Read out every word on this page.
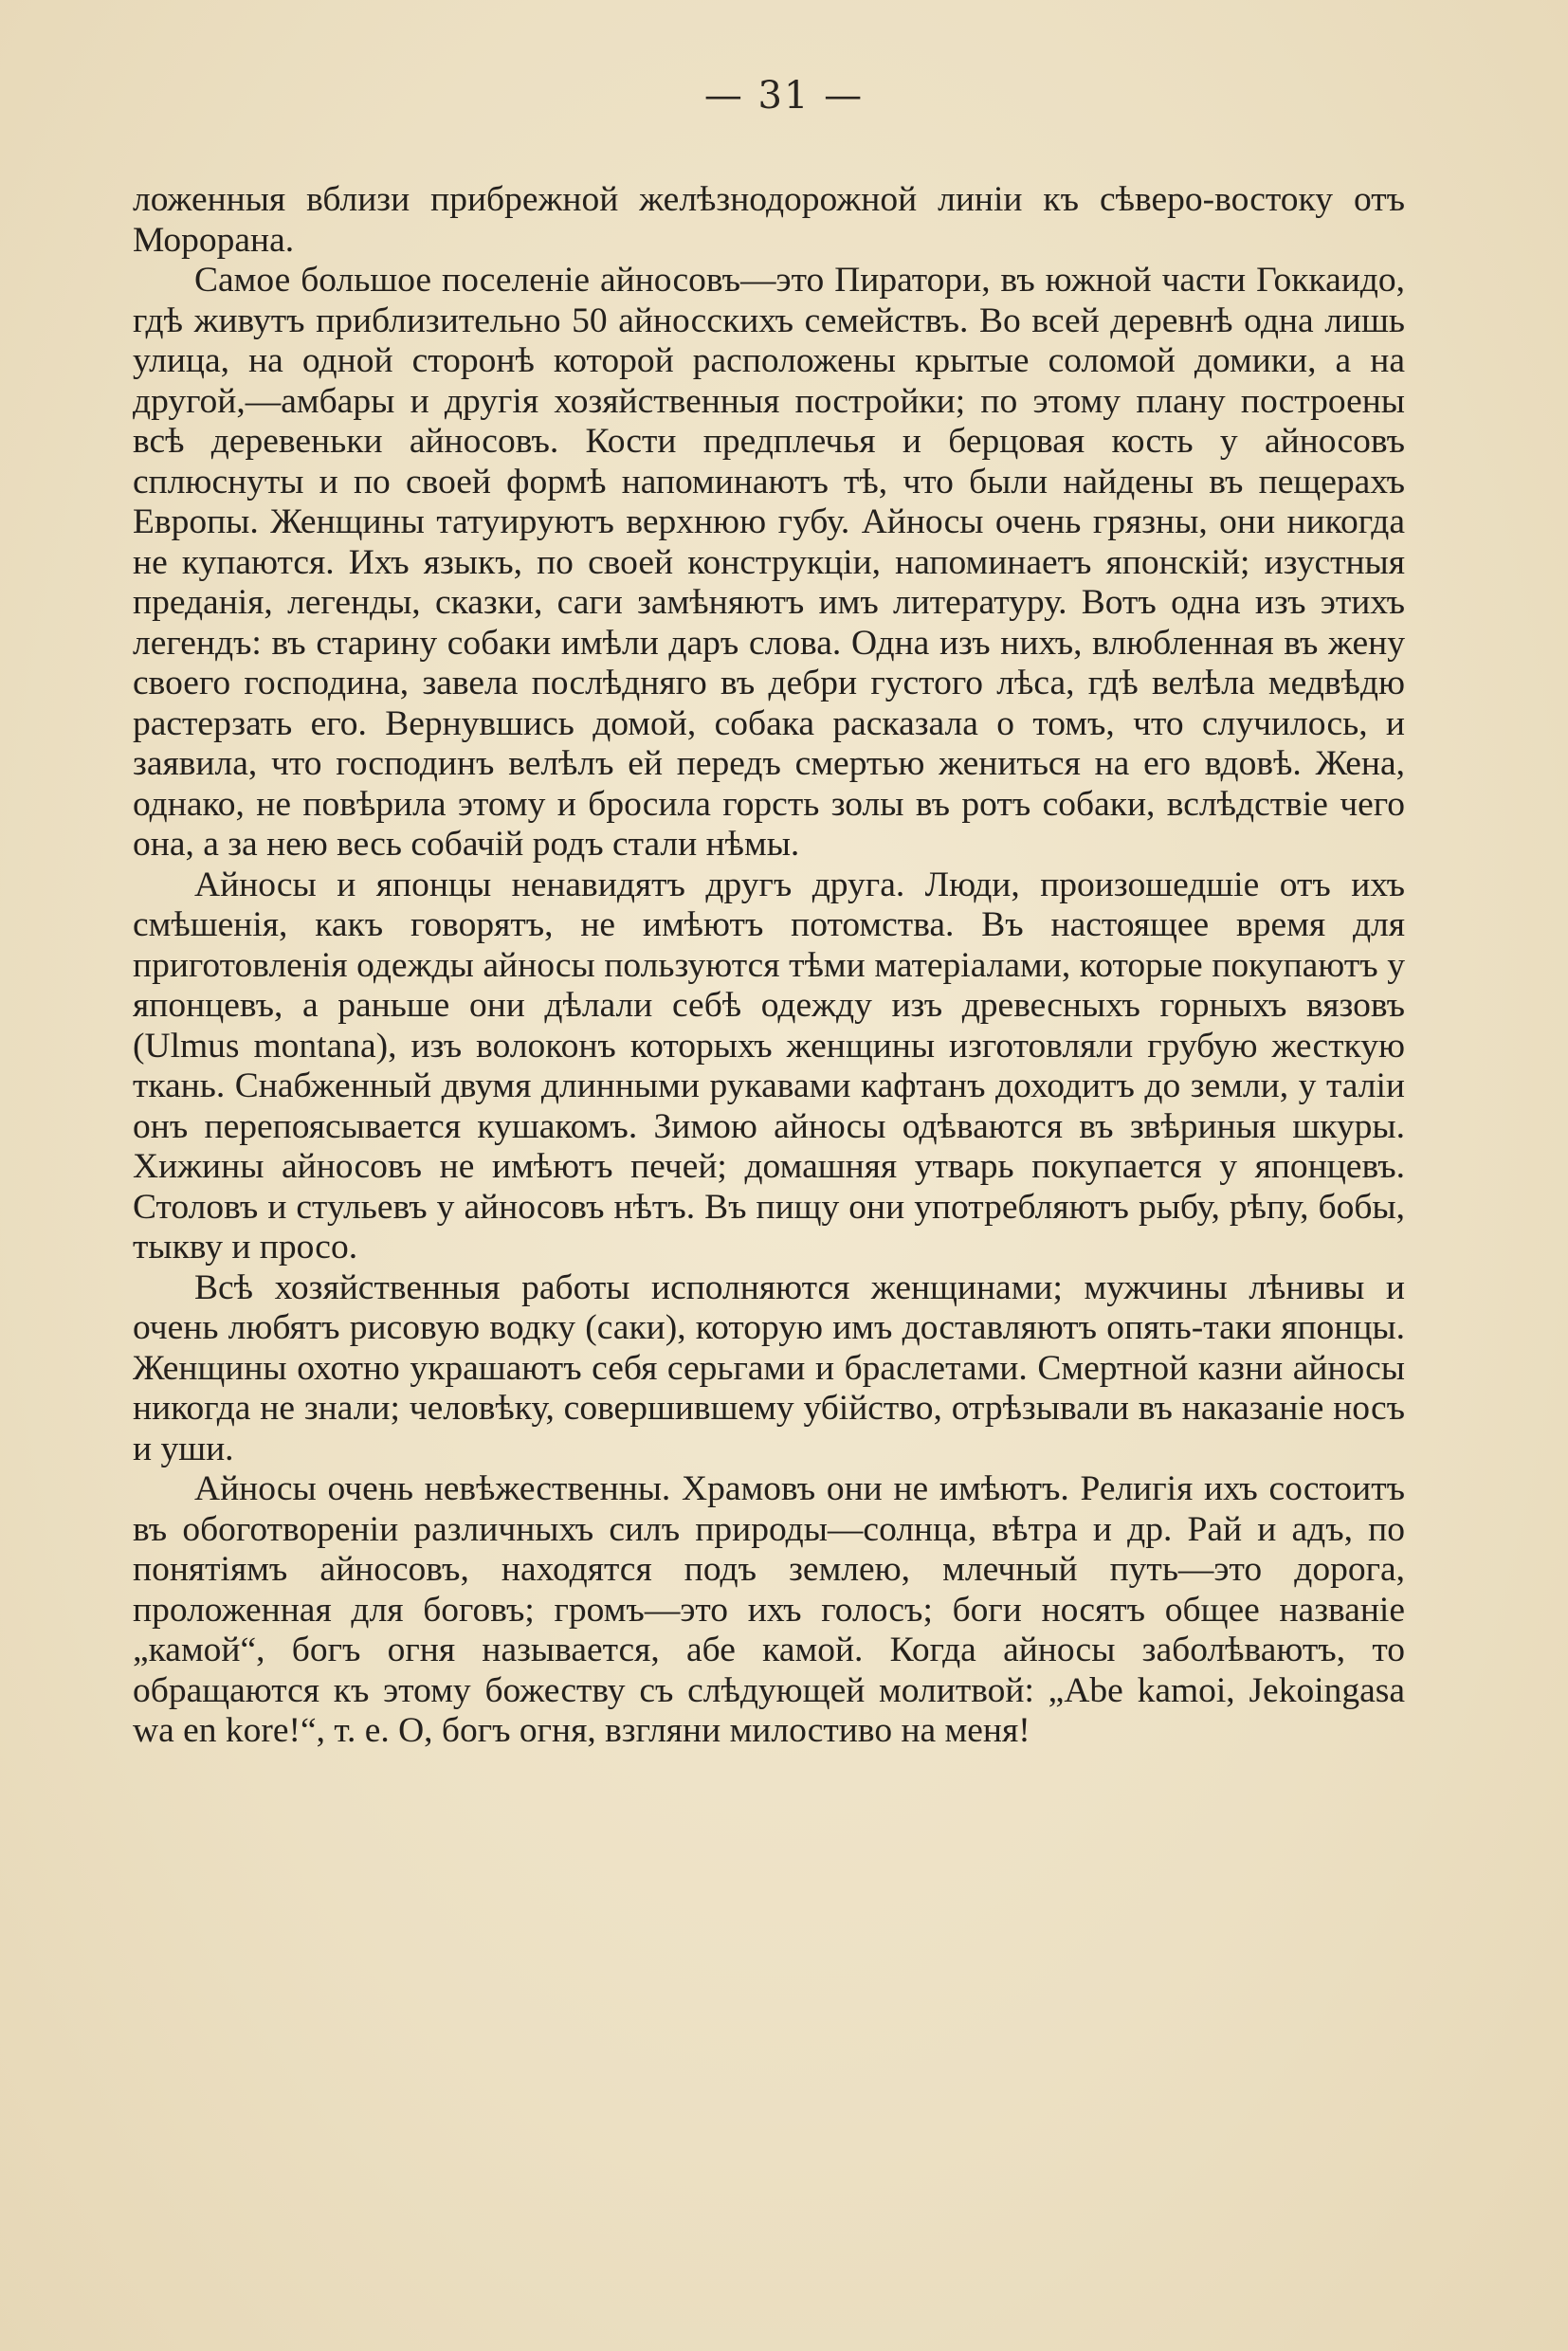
— 31 —

ложенныя вблизи прибрежной желѣзнодорожной линіи къ сѣверо-востоку отъ Морорана.

Самое большое поселеніе айносовъ—это Пиратори, въ южной части Гоккаидо, гдѣ живутъ приблизительно 50 айносскихъ семействъ. Во всей деревнѣ одна лишь улица, на одной сторонѣ которой расположены крытые соломой домики, а на другой,—амбары и другія хозяйственныя постройки; по этому плану построены всѣ деревеньки айносовъ. Кости предплечья и берцовая кость у айносовъ сплюснуты и по своей формѣ напоминаютъ тѣ, что были найдены въ пещерахъ Европы. Женщины татуируютъ верхнюю губу. Айносы очень грязны, они никогда не купаются. Ихъ языкъ, по своей конструкціи, напоминаетъ японскій; изустныя преданія, легенды, сказки, саги замѣняютъ имъ литературу. Вотъ одна изъ этихъ легендъ: въ старину собаки имѣли даръ слова. Одна изъ нихъ, влюбленная въ жену своего господина, завела послѣдняго въ дебри густого лѣса, гдѣ велѣла медвѣдю растерзать его. Вернувшись домой, собака расказала о томъ, что случилось, и заявила, что господинъ велѣлъ ей передъ смертью жениться на его вдовѣ. Жена, однако, не повѣрила этому и бросила горсть золы въ ротъ собаки, вслѣдствіе чего она, а за нею весь собачій родъ стали нѣмы.

Айносы и японцы ненавидятъ другъ друга. Люди, произошедшіе отъ ихъ смѣшенія, какъ говорятъ, не имѣютъ потомства. Въ настоящее время для приготовленія одежды айносы пользуются тѣми матеріалами, которые покупаютъ у японцевъ, а раньше они дѣлали себѣ одежду изъ древесныхъ горныхъ вязовъ (Ulmus montana), изъ волоконъ которыхъ женщины изготовляли грубую жесткую ткань. Снабженный двумя длинными рукавами кафтанъ доходитъ до земли, у таліи онъ перепоясывается кушакомъ. Зимою айносы одѣваются въ звѣриныя шкуры. Хижины айносовъ не имѣютъ печей; домашняя утварь покупается у японцевъ. Столовъ и стульевъ у айносовъ нѣтъ. Въ пищу они употребляютъ рыбу, рѣпу, бобы, тыкву и просо.

Всѣ хозяйственныя работы исполняются женщинами; мужчины лѣнивы и очень любятъ рисовую водку (саки), которую имъ доставляютъ опять-таки японцы. Женщины охотно украшаютъ себя серьгами и браслетами. Смертной казни айносы никогда не знали; человѣку, совершившему убійство, отрѣзывали въ наказаніе носъ и уши.

Айносы очень невѣжественны. Храмовъ они не имѣютъ. Религія ихъ состоитъ въ обоготвореніи различныхъ силъ природы—солнца, вѣтра и др. Рай и адъ, по понятіямъ айносовъ, находятся подъ землею, млечный путь—это дорога, проложенная для боговъ; громъ—это ихъ голосъ; боги носятъ общее названіе „камой“, богъ огня называется, абе камой. Когда айносы заболѣваютъ, то обращаются къ этому божеству съ слѣдующей молитвой: „Abe kamoi, Jekoingasa wa en kore!“, т. е. О, богъ огня, взгляни милостиво на меня!
